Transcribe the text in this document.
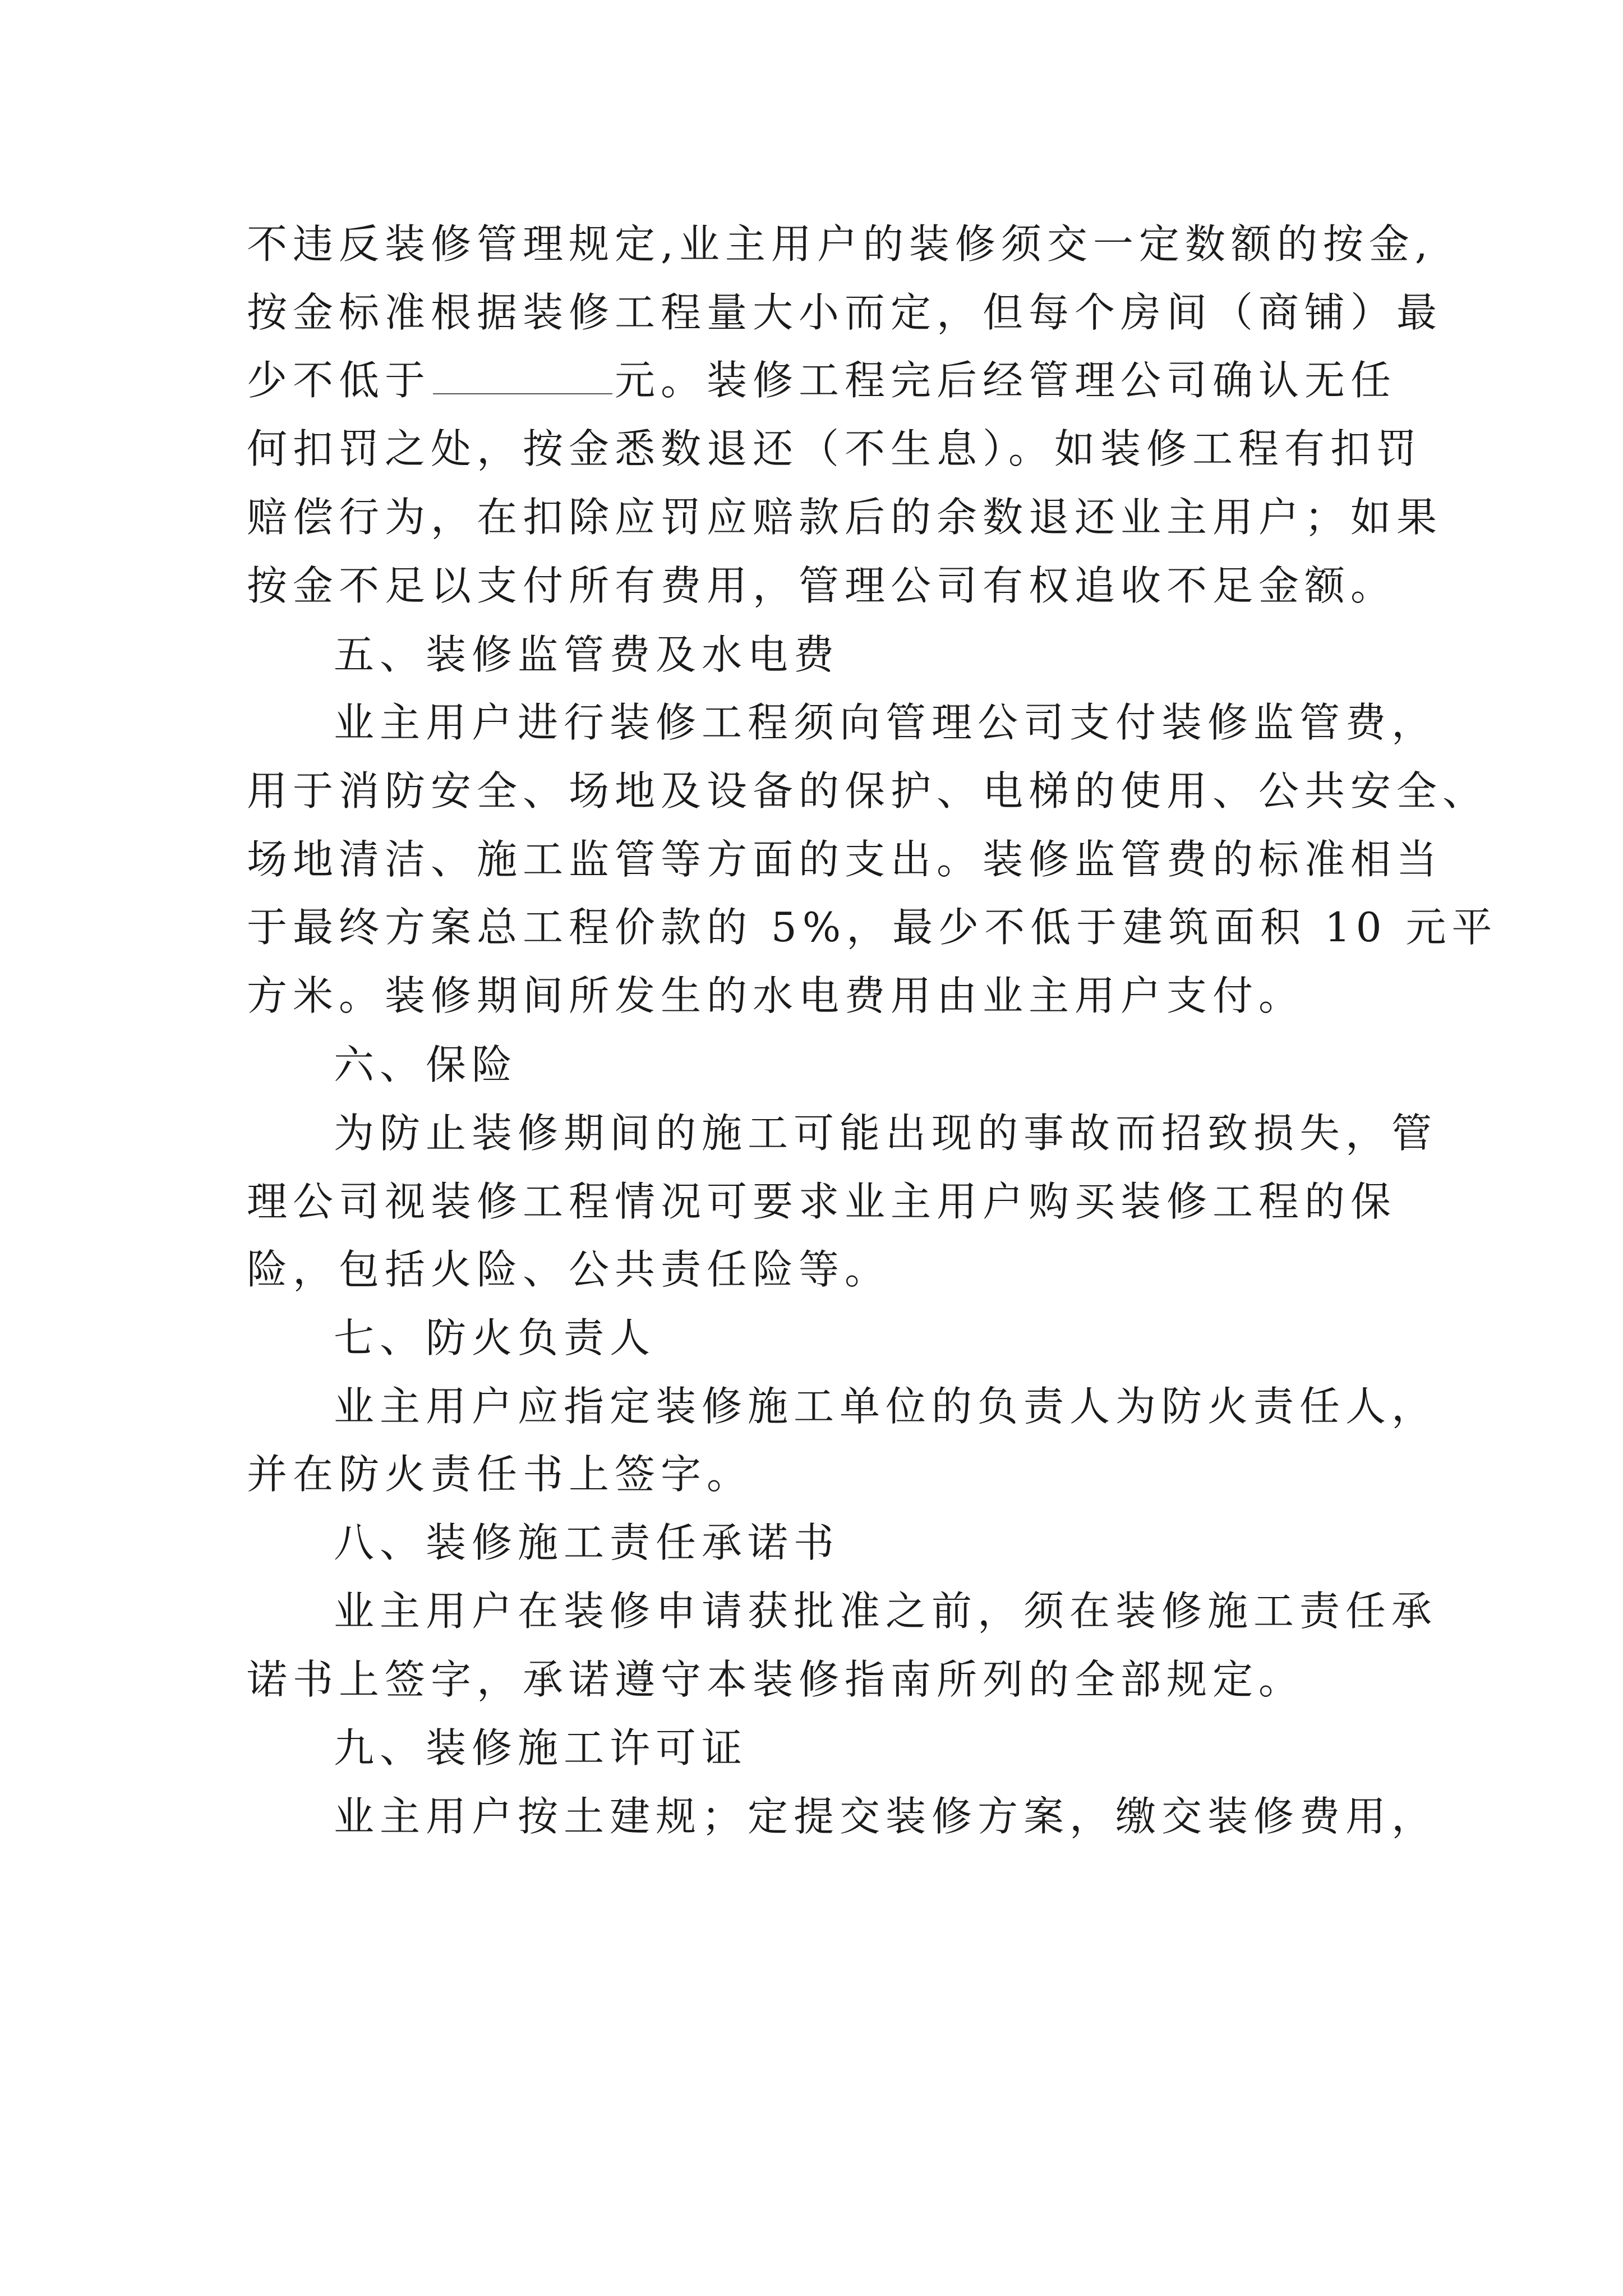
不违反装修管理规定,业主用户的装修须交一定数额的按金,
按金标准根据装修工程量大小而定，但每个房间（商铺）最
少不低于	元。装修工程完后经管理公司确认无任
何扣罚之处，按金悉数退还（不生息）。如装修工程有扣罚
赔偿行为，在扣除应罚应赔款后的余数退还业主用户；如果
按金不足以支付所有费用，管理公司有权追收不足金额。
五、装修监管费及水电费
业主用户进行装修工程须向管理公司支付装修监管费，
用于消防安全、场地及设备的保护、电梯的使用、公共安全、
场地清洁、施工监管等方面的支出。装修监管费的标准相当
于最终方案总工程价款的 5%，最少不低于建筑面积 10 元平
方米。装修期间所发生的水电费用由业主用户支付。
六、保险
为防止装修期间的施工可能出现的事故而招致损失，管
理公司视装修工程情况可要求业主用户购买装修工程的保
险，包括火险、公共责任险等。
七、防火负责人
业主用户应指定装修施工单位的负责人为防火责任人，
并在防火责任书上签字。
八、装修施工责任承诺书
业主用户在装修申请获批准之前，须在装修施工责任承
诺书上签字，承诺遵守本装修指南所列的全部规定。
九、装修施工许可证
业主用户按土建规；定提交装修方案，缴交装修费用，
